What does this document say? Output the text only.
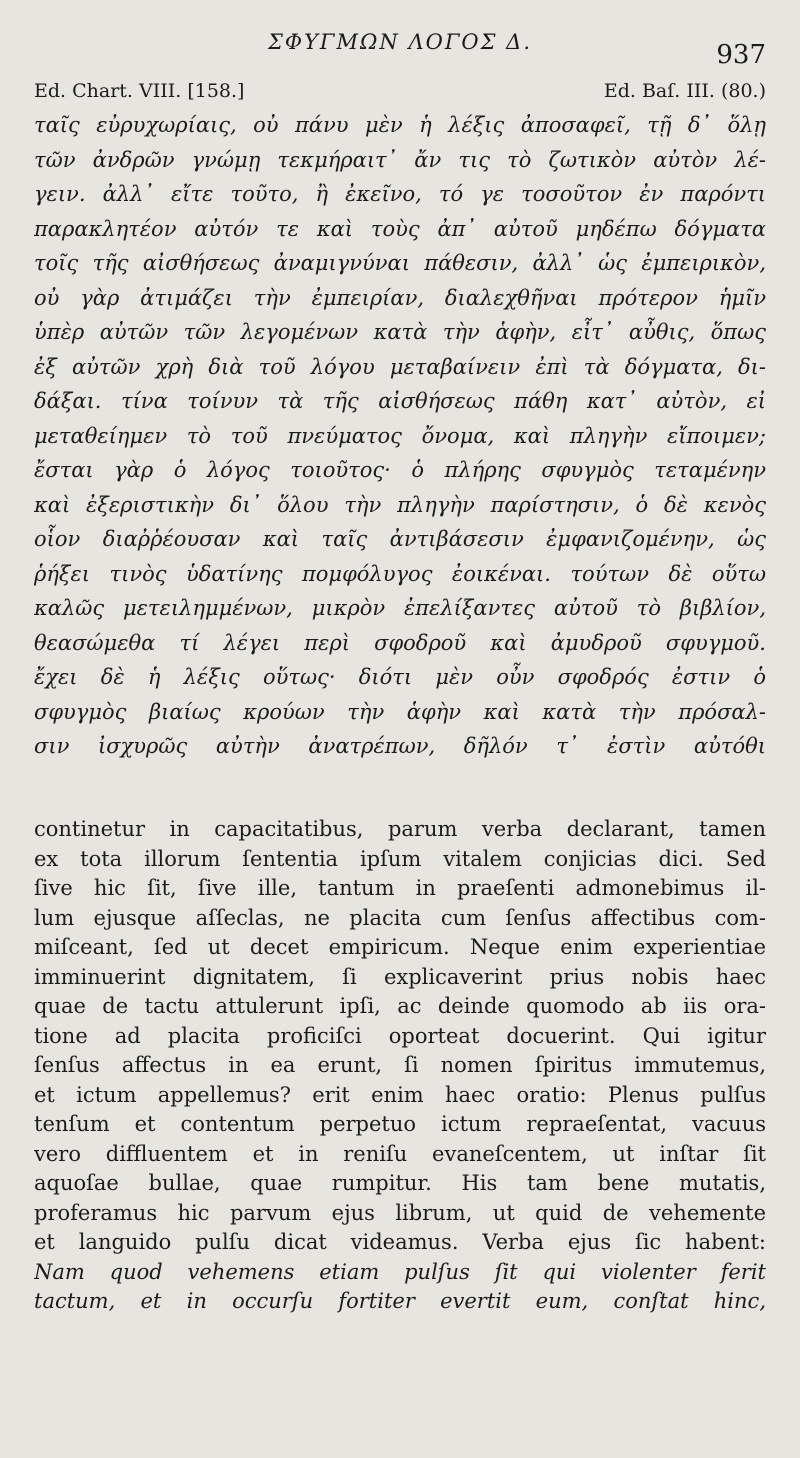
ΣΦΥΓΜΩΝ ΛΟΓΟΣ Δ.	937
Ed. Chart. VIII. [158.]	Ed. Baſ. III. (80.)
ταῖς εὐρυχωρίαις, οὐ πάνυ μὲν ἡ λέξις ἀποσαφεῖ, τῇ δ᾽ ὅλῃ
τῶν ἀνδρῶν γνώμῃ τεκμήραιτ᾽ ἄν τις τὸ ζωτικὸν αὐτὸν λέ-
γειν. ἀλλ᾽ εἴτε τοῦτο, ἢ ἐκεῖνο, τό γε τοσοῦτον ἐν παρόντι
παρακλητέον αὐτόν τε καὶ τοὺς ἀπ᾽ αὐτοῦ μηδέπω δόγματα
τοῖς τῆς αἰσθήσεως ἀναμιγνύναι πάθεσιν, ἀλλ᾽ ὡς ἐμπειρικὸν,
οὐ γὰρ ἀτιμάζει τὴν ἐμπειρίαν, διαλεχθῆναι πρότερον ἡμῖν
ὑπὲρ αὐτῶν τῶν λεγομένων κατὰ τὴν ἁφὴν, εἶτ᾽ αὖθις, ὅπως
ἐξ αὐτῶν χρὴ διὰ τοῦ λόγου μεταβαίνειν ἐπὶ τὰ δόγματα, δι-
δάξαι. τίνα τοίνυν τὰ τῆς αἰσθήσεως πάθη κατ᾽ αὐτὸν, εἰ
μεταθείημεν τὸ τοῦ πνεύματος ὄνομα, καὶ πληγὴν εἴποιμεν;
ἔσται γὰρ ὁ λόγος τοιοῦτος· ὁ πλήρης σφυγμὸς τεταμένην
καὶ ἐξεριστικὴν δι᾽ ὅλου τὴν πληγὴν παρίστησιν, ὁ δὲ κενὸς
οἷον διαῤῥέουσαν καὶ ταῖς ἀντιβάσεσιν ἐμφανιζομένην, ὡς
ῥήξει τινὸς ὑδατίνης πομφόλυγος ἐοικέναι. τούτων δὲ οὕτω
καλῶς μετειλημμένων, μικρὸν ἐπελίξαντες αὐτοῦ τὸ βιβλίον,
θεασώμεθα τί λέγει περὶ σφοδροῦ καὶ ἀμυδροῦ σφυγμοῦ.
ἔχει δὲ ἡ λέξις οὕτως· διότι μὲν οὖν σφοδρός ἐστιν ὁ
σφυγμὸς βιαίως κρούων τὴν ἁφὴν καὶ κατὰ τὴν πρόσαλ-
σιν ἰσχυρῶς αὐτὴν ἀνατρέπων, δῆλόν τ᾽ ἐστὶν αὐτόθι
continetur in capacitatibus, parum verba declarant, tamen
ex tota illorum ſententia ipſum vitalem conjicias dici. Sed
ſive hic ſit, ſive ille, tantum in praeſenti admonebimus il-
lum ejusque aſſeclas, ne placita cum ſenſus affectibus com-
miſceant, ſed ut decet empiricum. Neque enim experientiae
imminuerint dignitatem, ſi explicaverint prius nobis haec
quae de tactu attulerunt ipſi, ac deinde quomodo ab iis ora-
tione ad placita proficiſci oporteat docuerint. Qui igitur
ſenſus affectus in ea erunt, ſi nomen ſpiritus immutemus,
et ictum appellemus? erit enim haec oratio: Plenus pulſus
tenſum et contentum perpetuo ictum repraeſentat, vacuus
vero diffluentem et in reniſu evaneſcentem, ut inſtar ſit
aquoſae bullae, quae rumpitur. His tam bene mutatis,
proferamus hic parvum ejus librum, ut quid de vehemente
et languido pulſu dicat videamus. Verba ejus ſic habent:
Nam quod vehemens etiam pulſus ſit qui violenter ferit
tactum, et in occurſu fortiter evertit eum, conſtat hinc,
